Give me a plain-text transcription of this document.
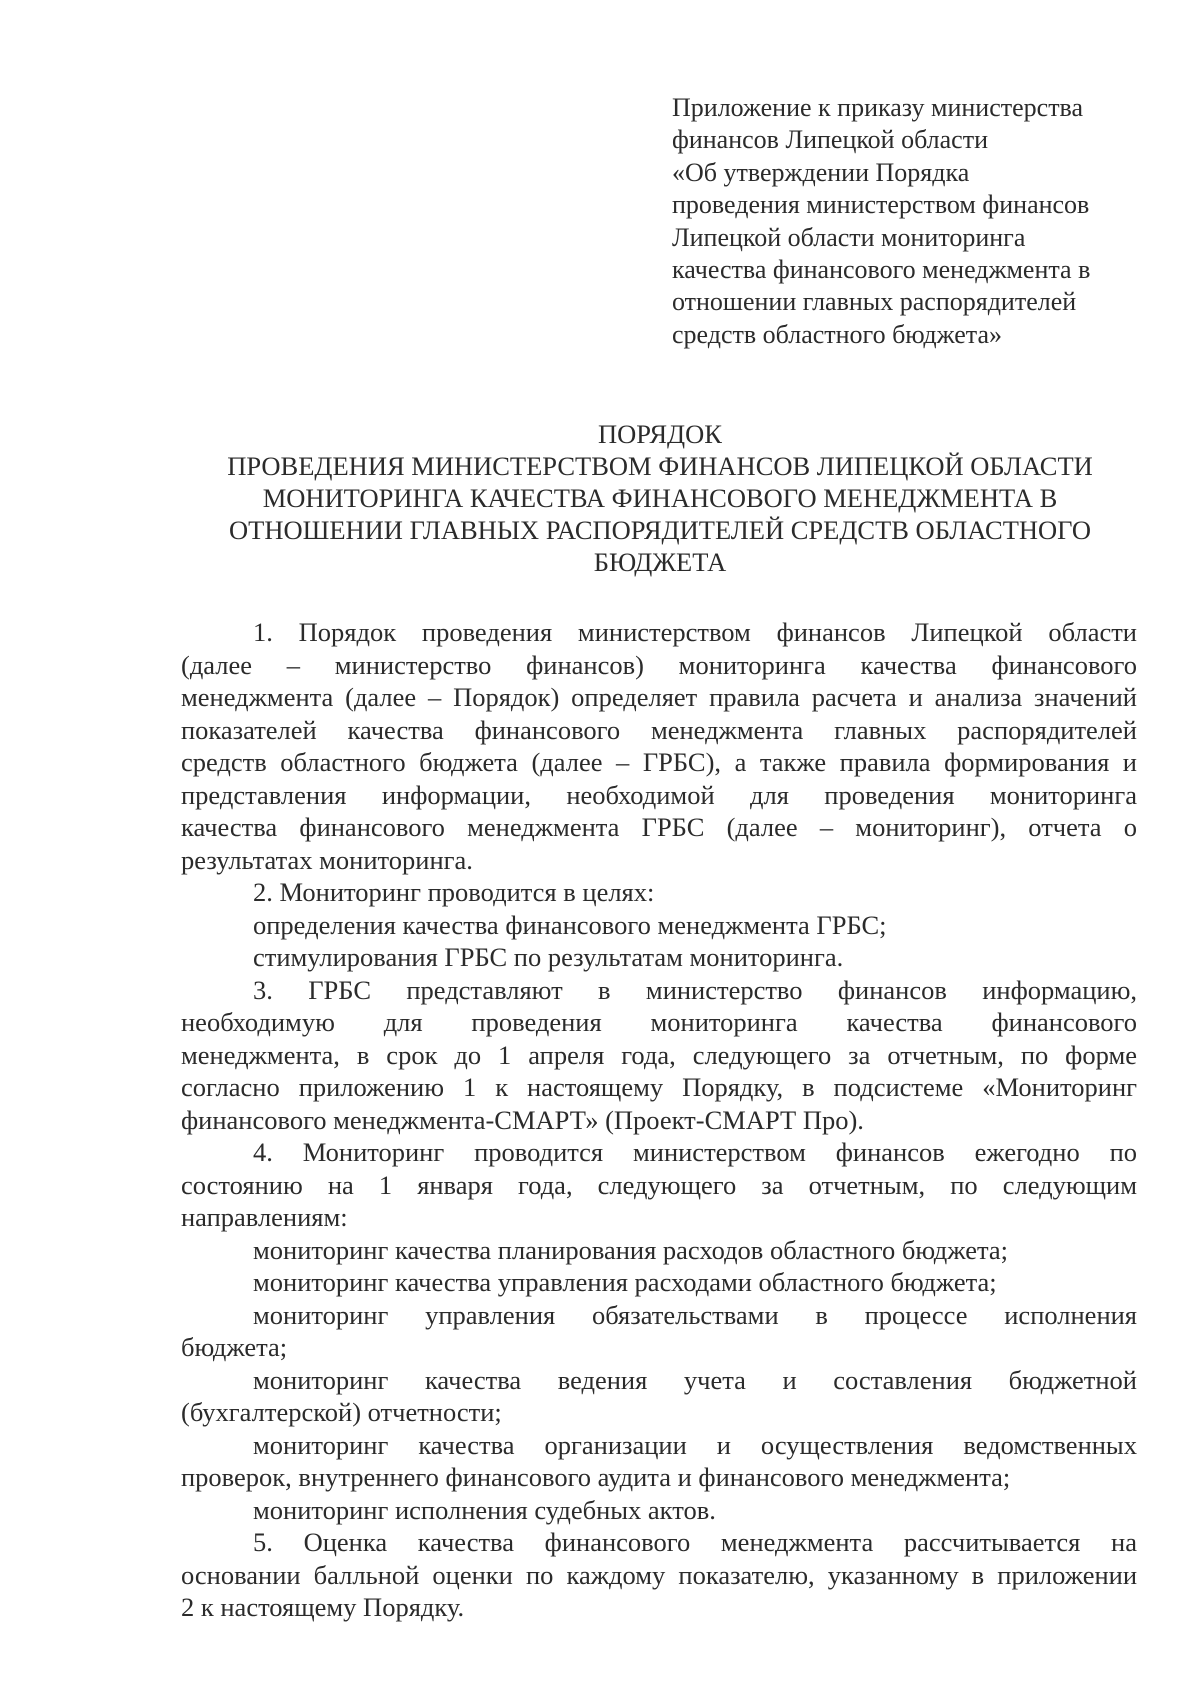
Приложение к приказу министерства
финансов Липецкой области
«Об утверждении Порядка
проведения министерством финансов
Липецкой области мониторинга
качества финансового менеджмента в
отношении главных распорядителей
средств областного бюджета»
ПОРЯДОК
ПРОВЕДЕНИЯ МИНИСТЕРСТВОМ ФИНАНСОВ ЛИПЕЦКОЙ ОБЛАСТИ
МОНИТОРИНГА КАЧЕСТВА ФИНАНСОВОГО МЕНЕДЖМЕНТА В
ОТНОШЕНИИ ГЛАВНЫХ РАСПОРЯДИТЕЛЕЙ СРЕДСТВ ОБЛАСТНОГО
БЮДЖЕТА
1. Порядок проведения министерством финансов Липецкой области
(далее – министерство финансов) мониторинга качества финансового
менеджмента (далее – Порядок) определяет правила расчета и анализа значений
показателей качества финансового менеджмента главных распорядителей
средств областного бюджета (далее – ГРБС), а также правила формирования и
представления информации, необходимой для проведения мониторинга
качества финансового менеджмента ГРБС (далее – мониторинг), отчета о
результатах мониторинга.
2. Мониторинг проводится в целях:
определения качества финансового менеджмента ГРБС;
стимулирования ГРБС по результатам мониторинга.
3. ГРБС представляют в министерство финансов информацию,
необходимую для проведения мониторинга качества финансового
менеджмента, в срок до 1 апреля года, следующего за отчетным, по форме
согласно приложению 1 к настоящему Порядку, в подсистеме «Мониторинг
финансового менеджмента-СМАРТ» (Проект-СМАРТ Про).
4. Мониторинг проводится министерством финансов ежегодно по
состоянию на 1 января года, следующего за отчетным, по следующим
направлениям:
мониторинг качества планирования расходов областного бюджета;
мониторинг качества управления расходами областного бюджета;
мониторинг управления обязательствами в процессе исполнения
бюджета;
мониторинг качества ведения учета и составления бюджетной
(бухгалтерской) отчетности;
мониторинг качества организации и осуществления ведомственных
проверок, внутреннего финансового аудита и финансового менеджмента;
мониторинг исполнения судебных актов.
5. Оценка качества финансового менеджмента рассчитывается на
основании балльной оценки по каждому показателю, указанному в приложении
2 к настоящему Порядку.
